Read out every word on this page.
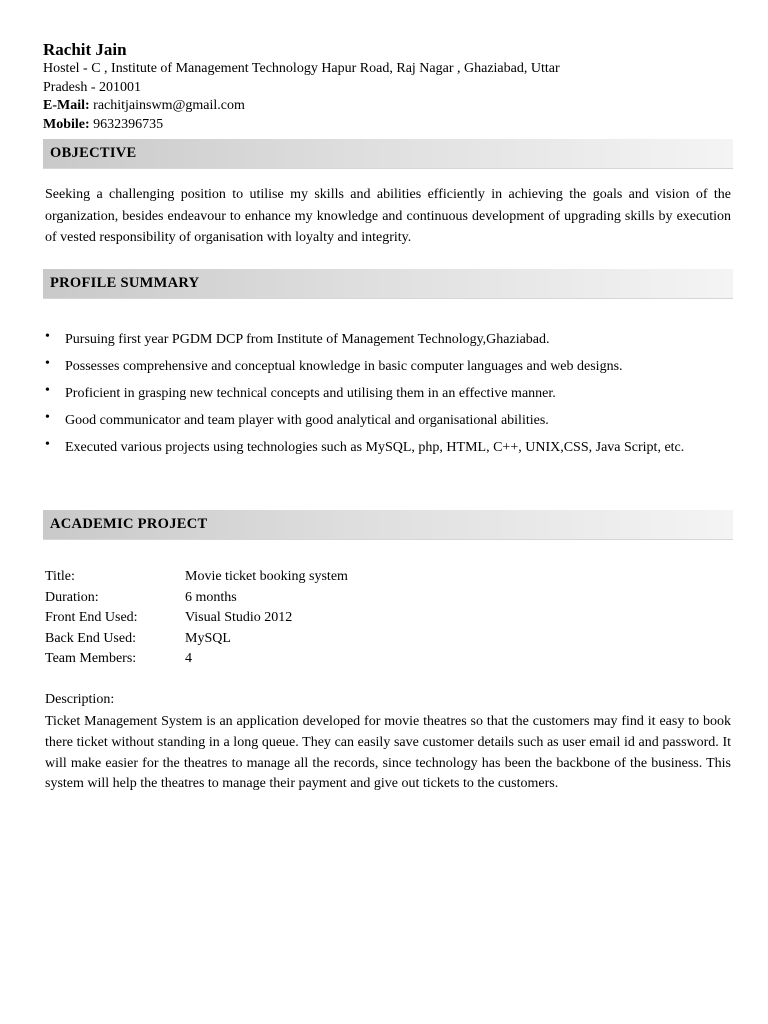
Rachit Jain
Hostel - C , Institute of Management Technology Hapur Road, Raj Nagar , Ghaziabad, Uttar
Pradesh - 201001
E-Mail: rachitjainswm@gmail.com
Mobile: 9632396735
OBJECTIVE
Seeking a challenging position to utilise my skills and abilities efficiently in achieving the goals and vision of the organization, besides endeavour to enhance my knowledge and continuous development of upgrading skills by execution of vested responsibility of organisation with loyalty and integrity.
PROFILE SUMMARY
• Pursuing first year PGDM DCP from Institute of Management Technology,Ghaziabad.
• Possesses comprehensive and conceptual knowledge in basic computer languages and web designs.
• Proficient in grasping new technical concepts and utilising them in an effective manner.
• Good communicator and team player with good analytical and organisational abilities.
• Executed various projects using technologies such as MySQL, php, HTML, C++, UNIX,CSS, Java Script, etc.
ACADEMIC PROJECT
Title:	Movie ticket booking system
Duration:	6 months
Front End Used:	Visual Studio 2012
Back End Used:	MySQL
Team Members:	4
Description:
Ticket Management System is an application developed for movie theatres so that the customers may find it easy to book there ticket without standing in a long queue. They can easily save customer details such as user email id and password. It will make easier for the theatres to manage all the records, since technology has been the backbone of the business. This system will help the theatres to manage their payment and give out tickets to the customers.
